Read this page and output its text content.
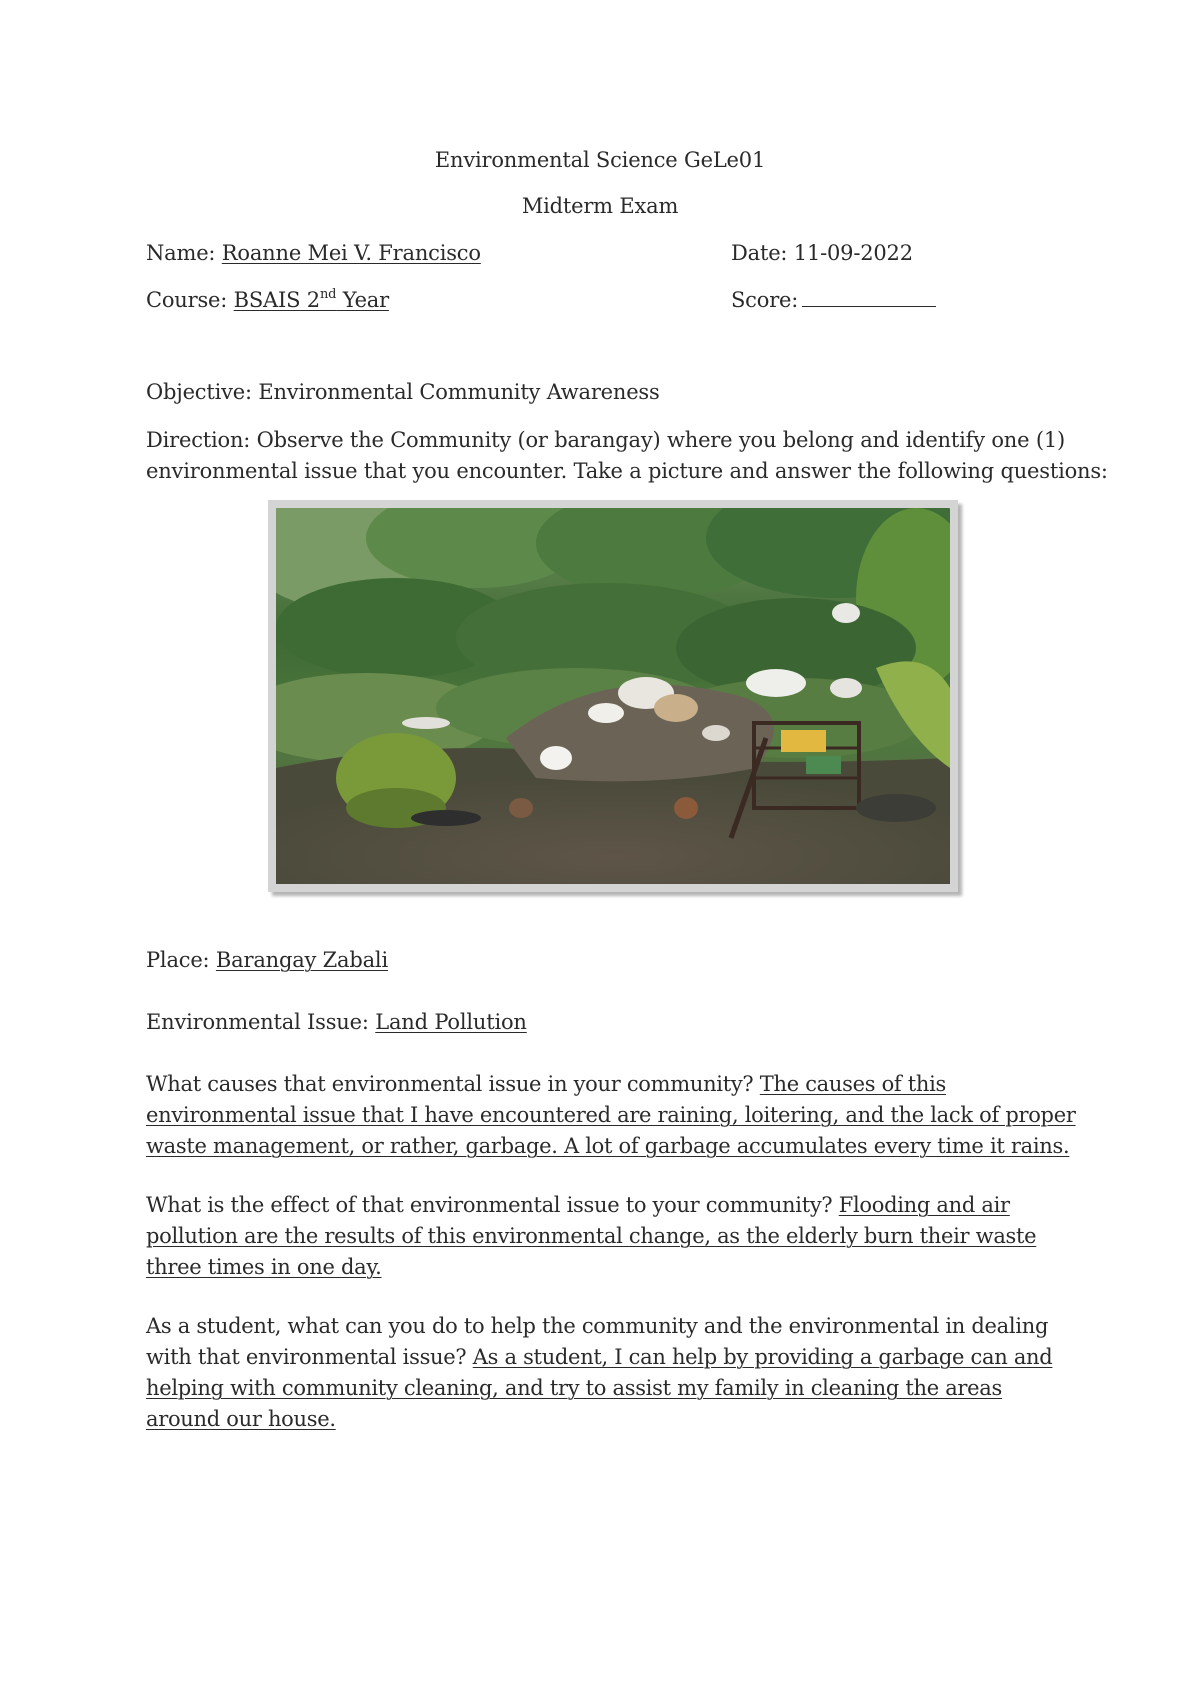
Environmental Science GeLe01
Midterm Exam
Name: Roanne Mei V. Francisco	Date: 11-09-2022
Course: BSAIS 2nd Year	Score:
Objective: Environmental Community Awareness
Direction: Observe the Community (or barangay) where you belong and identify one (1)
environmental issue that you encounter. Take a picture and answer the following questions:
Place: Barangay Zabali
Environmental Issue: Land Pollution
What causes that environmental issue in your community? The causes of this environmental issue that I have encountered are raining, loitering, and the lack of proper waste management, or rather, garbage. A lot of garbage accumulates every time it rains.
What is the effect of that environmental issue to your community? Flooding and air pollution are the results of this environmental change, as the elderly burn their waste three times in one day.
As a student, what can you do to help the community and the environmental in dealing with that environmental issue? As a student, I can help by providing a garbage can and helping with community cleaning, and try to assist my family in cleaning the areas around our house.
